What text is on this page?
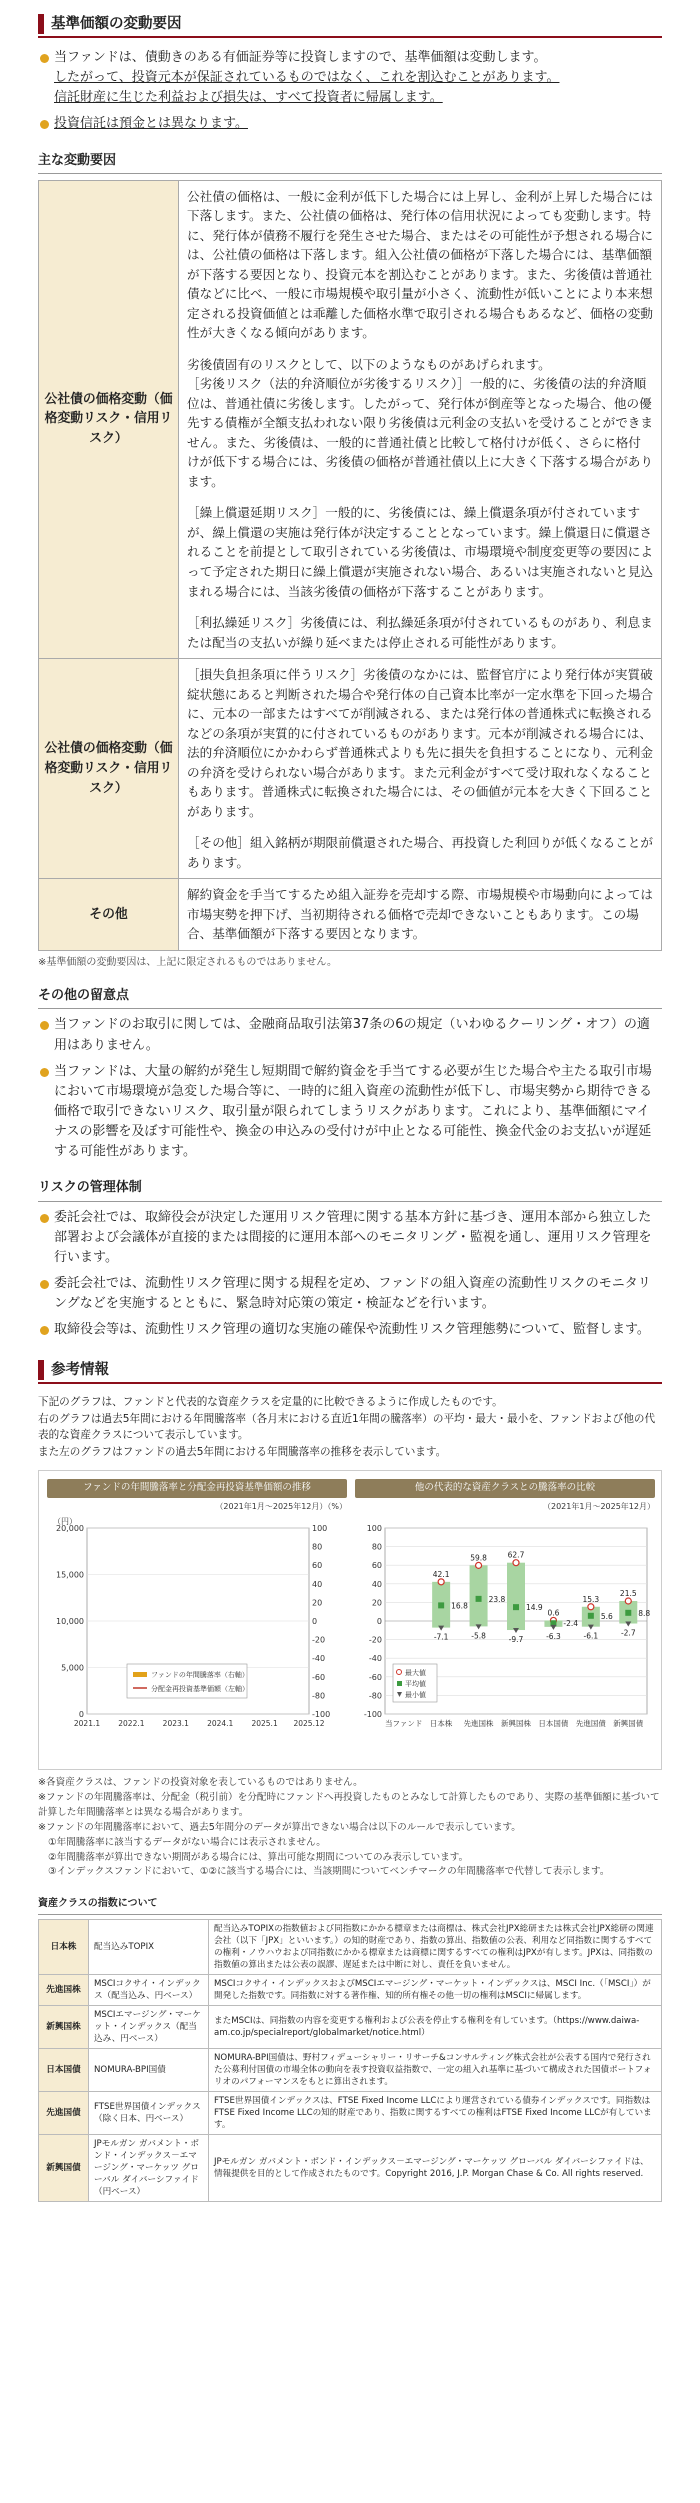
基準価額の変動要因
当ファンドは、債動きのある有価証券等に投資しますので、基準価額は変動します。
したがって、投資元本が保証されているものではなく、これを割込むことがあります。
信託財産に生じた利益および損失は、すべて投資者に帰属します。
投資信託は預金とは異なります。
主な変動要因
公社債の価格変動（価格変動リスク・信用リスク）	公社債の価格は、一般に金利が低下した場合には上昇し、金利が上昇した場合には下落します。また、公社債の価格は、発行体の信用状況によっても変動します。特に、発行体が債務不履行を発生させた場合、またはその可能性が予想される場合には、公社債の価格は下落します。組入公社債の価格が下落した場合には、基準価額が下落する要因となり、投資元本を割込むことがあります。また、劣後債は普通社債などに比べ、一般に市場規模や取引量が小さく、流動性が低いことにより本来想定される投資価値とは乖離した価格水準で取引される場合もあるなど、価格の変動性が大きくなる傾向があります。
劣後債固有のリスクとして、以下のようなものがあげられます。
［劣後リスク（法的弁済順位が劣後するリスク）］一般的に、劣後債の法的弁済順位は、普通社債に劣後します。したがって、発行体が倒産等となった場合、他の優先する債権が全額支払われない限り劣後債は元利金の支払いを受けることができません。また、劣後債は、一般的に普通社債と比較して格付けが低く、さらに格付けが低下する場合には、劣後債の価格が普通社債以上に大きく下落する場合があります。
［繰上償還延期リスク］一般的に、劣後債には、繰上償還条項が付されていますが、繰上償還の実施は発行体が決定することとなっています。繰上償還日に償還されることを前提として取引されている劣後債は、市場環境や制度変更等の要因によって予定された期日に繰上償還が実施されない場合、あるいは実施されないと見込まれる場合には、当該劣後債の価格が下落することがあります。
［利払繰延リスク］劣後債には、利払繰延条項が付されているものがあり、利息または配当の支払いが繰り延べまたは停止される可能性があります。

公社債の価格変動（価格変動リスク・信用リスク）	［損失負担条項に伴うリスク］劣後債のなかには、監督官庁により発行体が実質破綻状態にあると判断された場合や発行体の自己資本比率が一定水準を下回った場合に、元本の一部またはすべてが削減される、または発行体の普通株式に転換されるなどの条項が実質的に付されているものがあります。元本が削減される場合には、法的弁済順位にかかわらず普通株式よりも先に損失を負担することになり、元利金の弁済を受けられない場合があります。また元利金がすべて受け取れなくなることもあります。普通株式に転換された場合には、その価値が元本を大きく下回ることがあります。
［その他］組入銘柄が期限前償還された場合、再投資した利回りが低くなることがあります。

その他	解約資金を手当てするため組入証券を売却する際、市場規模や市場動向によっては市場実勢を押下げ、当初期待される価格で売却できないこともあります。この場合、基準価額が下落する要因となります。
※基準価額の変動要因は、上記に限定されるものではありません。
その他の留意点
当ファンドのお取引に関しては、金融商品取引法第37条の6の規定（いわゆるクーリング・オフ）の適用はありません。
当ファンドは、大量の解約が発生し短期間で解約資金を手当てする必要が生じた場合や主たる取引市場において市場環境が急変した場合等に、一時的に組入資産の流動性が低下し、市場実勢から期待できる価格で取引できないリスク、取引量が限られてしまうリスクがあります。これにより、基準価額にマイナスの影響を及ぼす可能性や、換金の申込みの受付けが中止となる可能性、換金代金のお支払いが遅延する可能性があります。
リスクの管理体制
委託会社では、取締役会が決定した運用リスク管理に関する基本方針に基づき、運用本部から独立した部署および会議体が直接的または間接的に運用本部へのモニタリング・監視を通し、運用リスク管理を行います。
委託会社では、流動性リスク管理に関する規程を定め、ファンドの組入資産の流動性リスクのモニタリングなどを実施するとともに、緊急時対応策の策定・検証などを行います。
取締役会等は、流動性リスク管理の適切な実施の確保や流動性リスク管理態勢について、監督します。
参考情報
下記のグラフは、ファンドと代表的な資産クラスを定量的に比較できるように作成したものです。
右のグラフは過去5年間における年間騰落率（各月末における直近1年間の騰落率）の平均・最大・最小を、ファンドおよび他の代表的な資産クラスについて表示しています。
また左のグラフはファンドの過去5年間における年間騰落率の推移を表示しています。
ファンドの年間騰落率と分配金再投資基準価額の推移
（2021年1月～2025年12月）（%）
（円）
20,000
15,000
10,000
5,000
0
100
80
60
40
20
0
-20
-40
-60
-80
-100
2021.1 2022.1 2023.1 2024.1 2025.1 2025.12
ファンドの年間騰落率（右軸）
分配金再投資基準価額（左軸）
他の代表的な資産クラスとの騰落率の比較
（2021年1月～2025年12月）
100
80
60
40
20
0
-20
-40
-60
-80
-100
当ファンド 日本株
42.1
16.8
-7.1
先進国株
59.8
23.8
-5.8
新興国株
62.7
14.9
-9.7
日本国債
0.6
-2.4
-6.3
先進国債
15.3
5.6
-6.1
新興国債
21.5
8.8
-2.7
最大値
平均値
最小値
※各資産クラスは、ファンドの投資対象を表しているものではありません。
※ファンドの年間騰落率は、分配金（税引前）を分配時にファンドへ再投資したものとみなして計算したものであり、実際の基準価額に基づいて計算した年間騰落率とは異なる場合があります。
※ファンドの年間騰落率において、過去5年間分のデータが算出できない場合は以下のルールで表示しています。
①年間騰落率に該当するデータがない場合には表示されません。
②年間騰落率が算出できない期間がある場合には、算出可能な期間についてのみ表示しています。
③インデックスファンドにおいて、①②に該当する場合には、当該期間についてベンチマークの年間騰落率で代替して表示します。
資産クラスの指数について
日本株	配当込みTOPIX	配当込みTOPIXの指数値および同指数にかかる標章または商標は、株式会社JPX総研または株式会社JPX総研の関連会社（以下「JPX」といいます。）の知的財産であり、指数の算出、指数値の公表、利用など同指数に関するすべての権利・ノウハウおよび同指数にかかる標章または商標に関するすべての権利はJPXが有します。JPXは、同指数の指数値の算出または公表の誤謬、遅延または中断に対し、責任を負いません。
先進国株	MSCIコクサイ・インデックス（配当込み、円ベース）	MSCIコクサイ・インデックスおよびMSCIエマージング・マーケット・インデックスは、MSCI Inc.（「MSCI」）が開発した指数です。同指数に対する著作権、知的所有権その他一切の権利はMSCIに帰属します。
新興国株	MSCIエマージング・マーケット・インデックス（配当込み、円ベース）	またMSCIは、同指数の内容を変更する権利および公表を停止する権利を有しています。（https://www.daiwa-am.co.jp/specialreport/globalmarket/notice.html）
日本国債	NOMURA-BPI国債	NOMURA-BPI国債は、野村フィデューシャリー・リサーチ&コンサルティング株式会社が公表する国内で発行された公募利付国債の市場全体の動向を表す投資収益指数で、一定の組入れ基準に基づいて構成された国債ポートフォリオのパフォーマンスをもとに算出されます。
先進国債	FTSE世界国債インデックス（除く日本、円ベース）	FTSE世界国債インデックスは、FTSE Fixed Income LLCにより運営されている債券インデックスです。同指数はFTSE Fixed Income LLCの知的財産であり、指数に関するすべての権利はFTSE Fixed Income LLCが有しています。
新興国債	JPモルガン ガバメント・ボンド・インデックス－エマージング・マーケッツ グローバル ダイバーシファイド（円ベース）	JPモルガン ガバメント・ボンド・インデックス－エマージング・マーケッツ グローバル ダイバーシファイドは、情報提供を目的として作成されたものです。Copyright 2016, J.P. Morgan Chase & Co. All rights reserved.
